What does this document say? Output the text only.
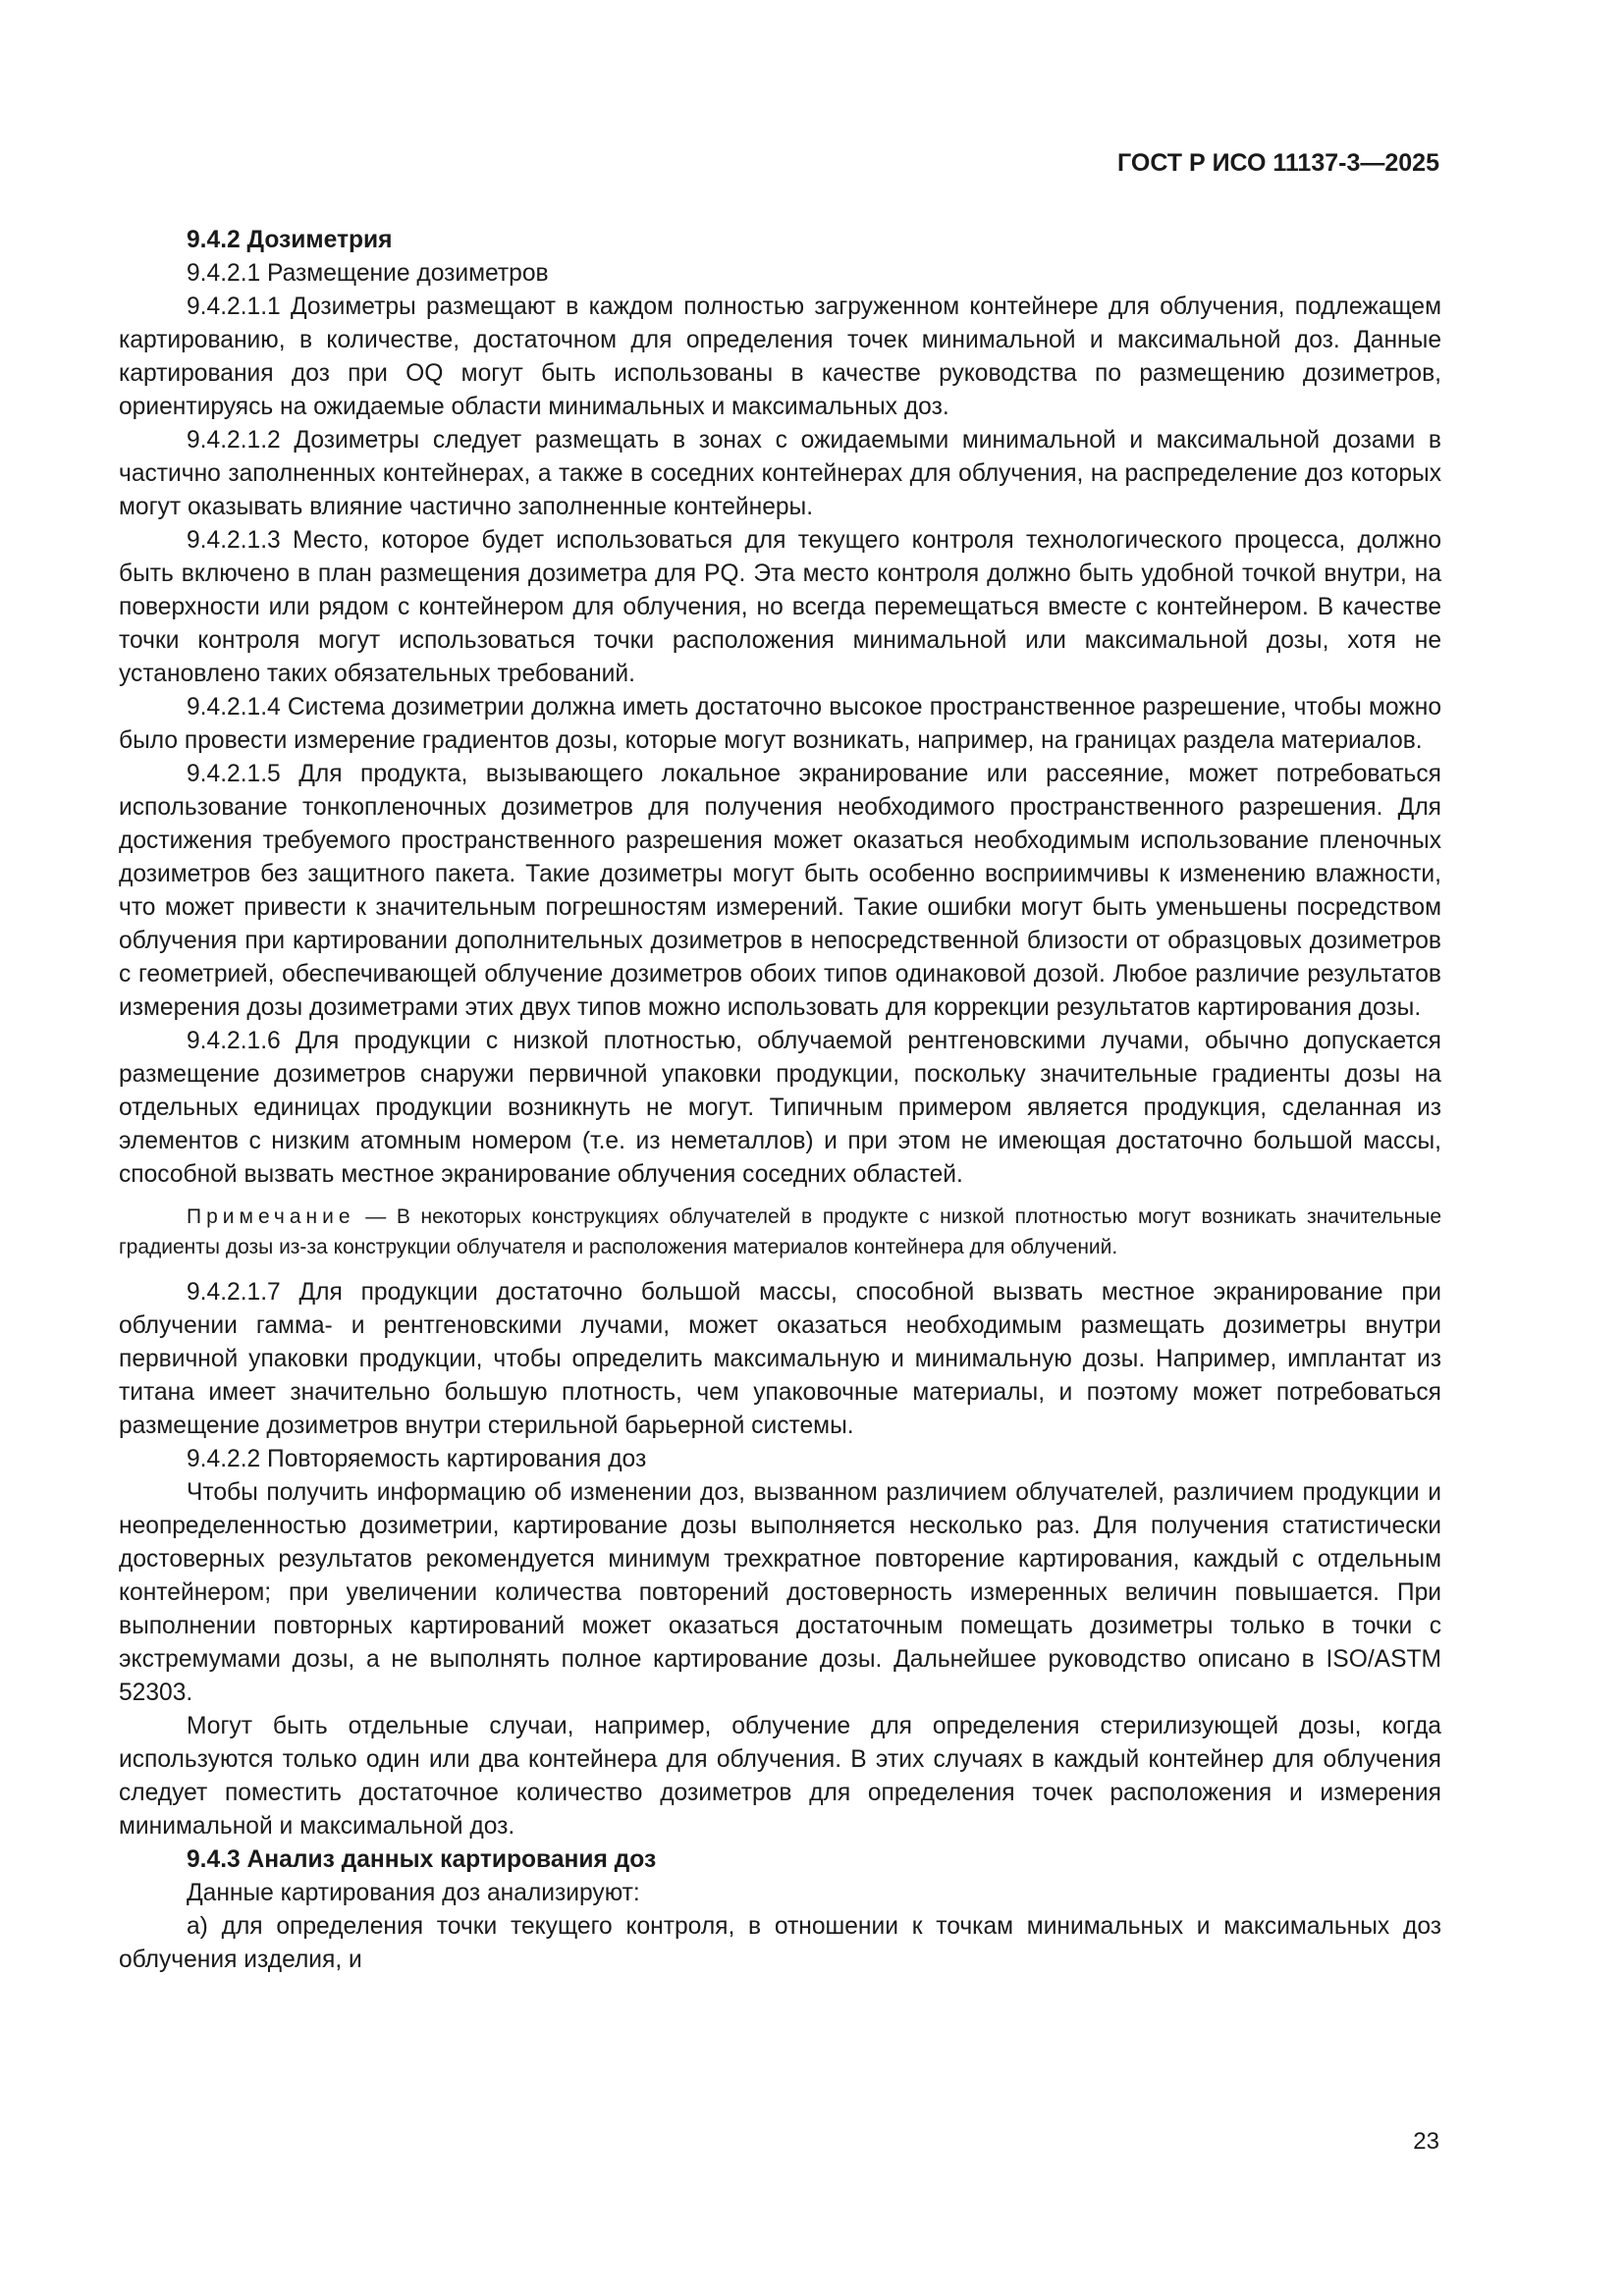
ГОСТ Р ИСО 11137-3—2025

9.4.2 Дозиметрия

9.4.2.1 Размещение дозиметров

9.4.2.1.1 Дозиметры размещают в каждом полностью загруженном контейнере для облучения, подлежащем картированию, в количестве, достаточном для определения точек минимальной и максимальной доз. Данные картирования доз при OQ могут быть использованы в качестве руководства по размещению дозиметров, ориентируясь на ожидаемые области минимальных и максимальных доз.

9.4.2.1.2 Дозиметры следует размещать в зонах с ожидаемыми минимальной и максимальной дозами в частично заполненных контейнерах, а также в соседних контейнерах для облучения, на распределение доз которых могут оказывать влияние частично заполненные контейнеры.

9.4.2.1.3 Место, которое будет использоваться для текущего контроля технологического процесса, должно быть включено в план размещения дозиметра для PQ. Эта место контроля должно быть удобной точкой внутри, на поверхности или рядом с контейнером для облучения, но всегда перемещаться вместе с контейнером. В качестве точки контроля могут использоваться точки расположения минимальной или максимальной дозы, хотя не установлено таких обязательных требований.

9.4.2.1.4 Система дозиметрии должна иметь достаточно высокое пространственное разрешение, чтобы можно было провести измерение градиентов дозы, которые могут возникать, например, на границах раздела материалов.

9.4.2.1.5 Для продукта, вызывающего локальное экранирование или рассеяние, может потребоваться использование тонкопленочных дозиметров для получения необходимого пространственного разрешения. Для достижения требуемого пространственного разрешения может оказаться необходимым использование пленочных дозиметров без защитного пакета. Такие дозиметры могут быть особенно восприимчивы к изменению влажности, что может привести к значительным погрешностям измерений. Такие ошибки могут быть уменьшены посредством облучения при картировании дополнительных дозиметров в непосредственной близости от образцовых дозиметров с геометрией, обеспечивающей облучение дозиметров обоих типов одинаковой дозой. Любое различие результатов измерения дозы дозиметрами этих двух типов можно использовать для коррекции результатов картирования дозы.

9.4.2.1.6 Для продукции с низкой плотностью, облучаемой рентгеновскими лучами, обычно допускается размещение дозиметров снаружи первичной упаковки продукции, поскольку значительные градиенты дозы на отдельных единицах продукции возникнуть не могут. Типичным примером является продукция, сделанная из элементов с низким атомным номером (т.е. из неметаллов) и при этом не имеющая достаточно большой массы, способной вызвать местное экранирование облучения соседних областей.

Примечание — В некоторых конструкциях облучателей в продукте с низкой плотностью могут возникать значительные градиенты дозы из-за конструкции облучателя и расположения материалов контейнера для облучений.

9.4.2.1.7 Для продукции достаточно большой массы, способной вызвать местное экранирование при облучении гамма- и рентгеновскими лучами, может оказаться необходимым размещать дозиметры внутри первичной упаковки продукции, чтобы определить максимальную и минимальную дозы. Например, имплантат из титана имеет значительно большую плотность, чем упаковочные материалы, и поэтому может потребоваться размещение дозиметров внутри стерильной барьерной системы.

9.4.2.2 Повторяемость картирования доз

Чтобы получить информацию об изменении доз, вызванном различием облучателей, различием продукции и неопределенностью дозиметрии, картирование дозы выполняется несколько раз. Для получения статистически достоверных результатов рекомендуется минимум трехкратное повторение картирования, каждый с отдельным контейнером; при увеличении количества повторений достоверность измеренных величин повышается. При выполнении повторных картирований может оказаться достаточным помещать дозиметры только в точки с экстремумами дозы, а не выполнять полное картирование дозы. Дальнейшее руководство описано в ISO/ASTM 52303.

Могут быть отдельные случаи, например, облучение для определения стерилизующей дозы, когда используются только один или два контейнера для облучения. В этих случаях в каждый контейнер для облучения следует поместить достаточное количество дозиметров для определения точек расположения и измерения минимальной и максимальной доз.

9.4.3 Анализ данных картирования доз

Данные картирования доз анализируют:

а) для определения точки текущего контроля, в отношении к точкам минимальных и максимальных доз облучения изделия, и

23
